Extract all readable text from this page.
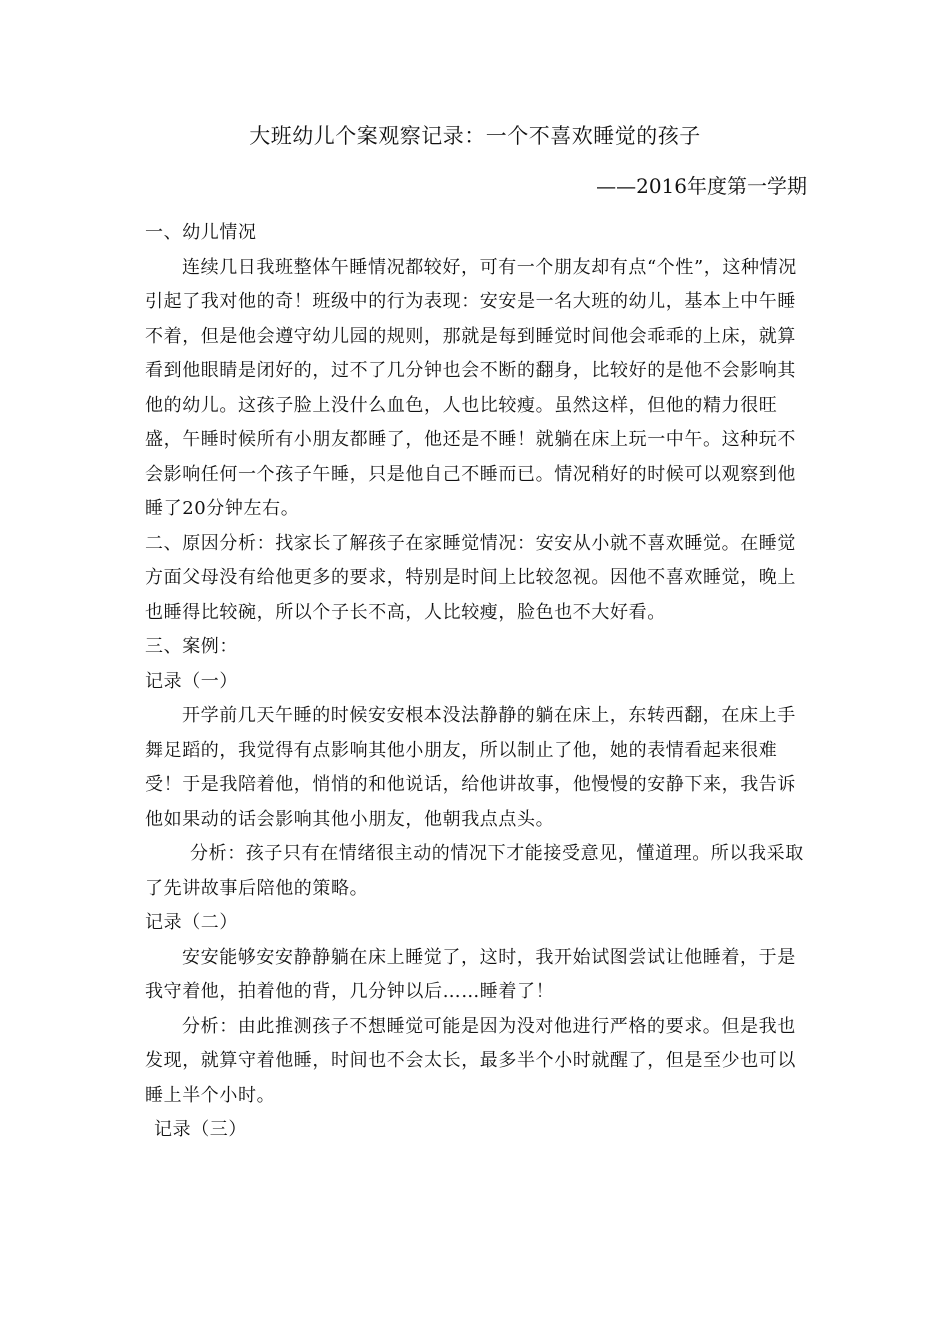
大班幼儿个案观察记录：一个不喜欢睡觉的孩子

——2016年度第一学期

一、幼儿情况

连续几日我班整体午睡情况都较好，可有一个朋友却有点“个性”，这种情况引起了我对他的奇！班级中的行为表现：安安是一名大班的幼儿，基本上中午睡不着，但是他会遵守幼儿园的规则，那就是每到睡觉时间他会乖乖的上床，就算看到他眼睛是闭好的，过不了几分钟也会不断的翻身，比较好的是他不会影响其他的幼儿。这孩子脸上没什么血色，人也比较瘦。虽然这样，但他的精力很旺盛，午睡时候所有小朋友都睡了，他还是不睡！就躺在床上玩一中午。这种玩不会影响任何一个孩子午睡，只是他自己不睡而已。情况稍好的时候可以观察到他睡了20分钟左右。

二、原因分析：找家长了解孩子在家睡觉情况：安安从小就不喜欢睡觉。在睡觉方面父母没有给他更多的要求，特别是时间上比较忽视。因他不喜欢睡觉，晚上也睡得比较碗，所以个子长不高，人比较瘦，脸色也不大好看。

三、案例：

记录（一）

开学前几天午睡的时候安安根本没法静静的躺在床上，东转西翻，在床上手舞足蹈的，我觉得有点影响其他小朋友，所以制止了他，她的表情看起来很难受！于是我陪着他，悄悄的和他说话，给他讲故事，他慢慢的安静下来，我告诉他如果动的话会影响其他小朋友，他朝我点点头。

分析：孩子只有在情绪很主动的情况下才能接受意见，懂道理。所以我采取了先讲故事后陪他的策略。

记录（二）

安安能够安安静静躺在床上睡觉了，这时，我开始试图尝试让他睡着，于是我守着他，拍着他的背，几分钟以后……睡着了！

分析：由此推测孩子不想睡觉可能是因为没对他进行严格的要求。但是我也发现，就算守着他睡，时间也不会太长，最多半个小时就醒了，但是至少也可以睡上半个小时。

记录（三）
